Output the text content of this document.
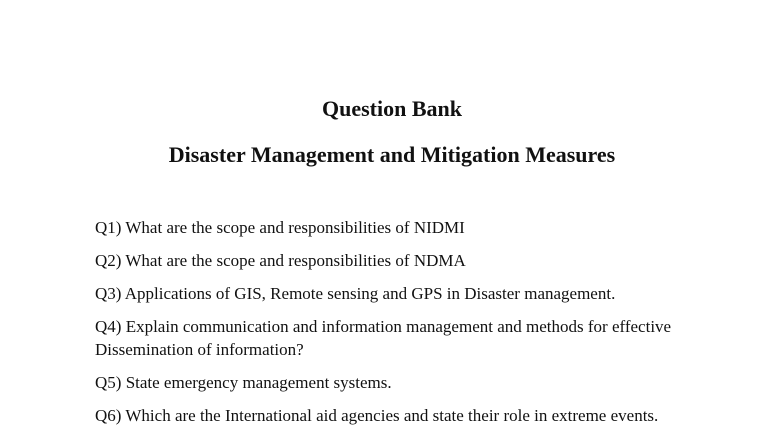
Question Bank
Disaster Management and Mitigation Measures
Q1) What are the scope and responsibilities of NIDMI
Q2) What are the scope and responsibilities of NDMA
Q3) Applications of GIS, Remote sensing and GPS in Disaster management.
Q4) Explain communication and information management and methods for effective Dissemination of information?
Q5) State emergency management systems.
Q6) Which are the International aid agencies and state their role in extreme events.
